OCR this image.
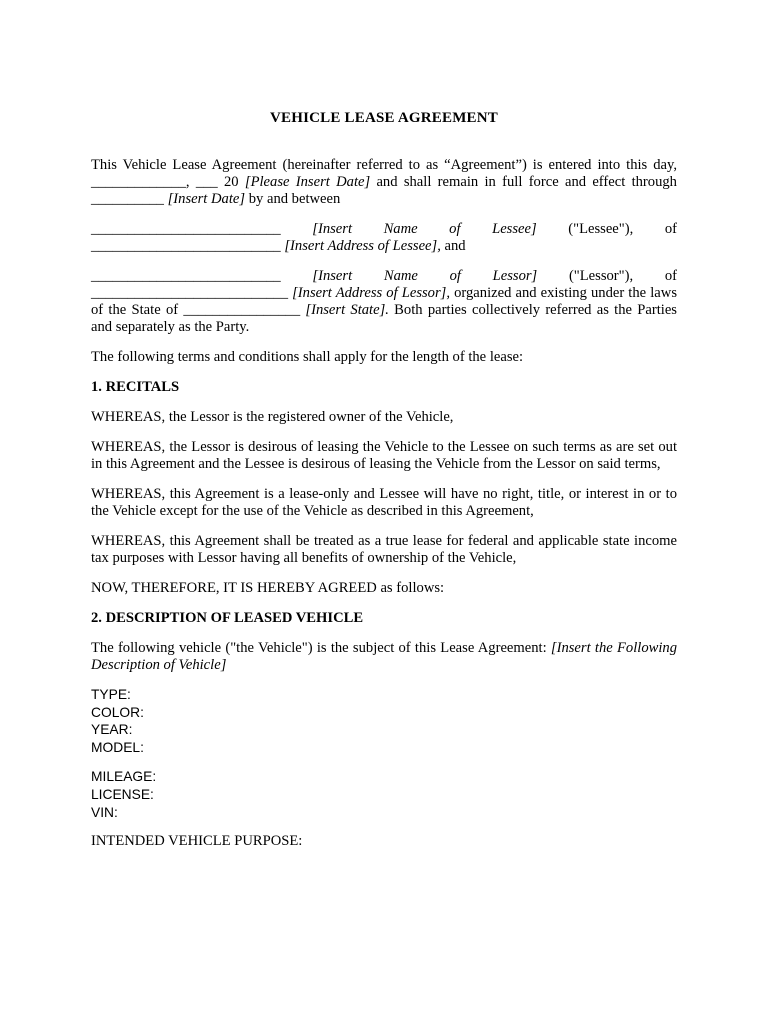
VEHICLE LEASE AGREEMENT

This Vehicle Lease Agreement (hereinafter referred to as “Agreement”) is entered into this day,

_____________, ___ 20 [Please Insert Date] and shall remain in full force and effect through

__________ [Insert Date] by and between

__________________________ [Insert Name of Lessee] ("Lessee"), of

__________________________ [Insert Address of Lessee], and

__________________________ [Insert Name of Lessor] ("Lessor"), of

___________________________ [Insert Address of Lessor], organized and existing under the laws

of the State of ________________ [Insert State]. Both parties collectively referred as the Parties

and separately as the Party.

The following terms and conditions shall apply for the length of the lease:

1. RECITALS

WHEREAS, the Lessor is the registered owner of the Vehicle,

WHEREAS, the Lessor is desirous of leasing the Vehicle to the Lessee on such terms as are set out in this Agreement and the Lessee is desirous of leasing the Vehicle from the Lessor on said terms,

WHEREAS, this Agreement is a lease-only and Lessee will have no right, title, or interest in or to the Vehicle except for the use of the Vehicle as described in this Agreement,

WHEREAS, this Agreement shall be treated as a true lease for federal and applicable state income tax purposes with Lessor having all benefits of ownership of the Vehicle,

NOW, THEREFORE, IT IS HEREBY AGREED as follows:

2. DESCRIPTION OF LEASED VEHICLE

The following vehicle ("the Vehicle") is the subject of this Lease Agreement: [Insert the Following Description of Vehicle]

TYPE:
COLOR:
YEAR:
MODEL:
MILEAGE:
LICENSE:
VIN:

INTENDED VEHICLE PURPOSE:
